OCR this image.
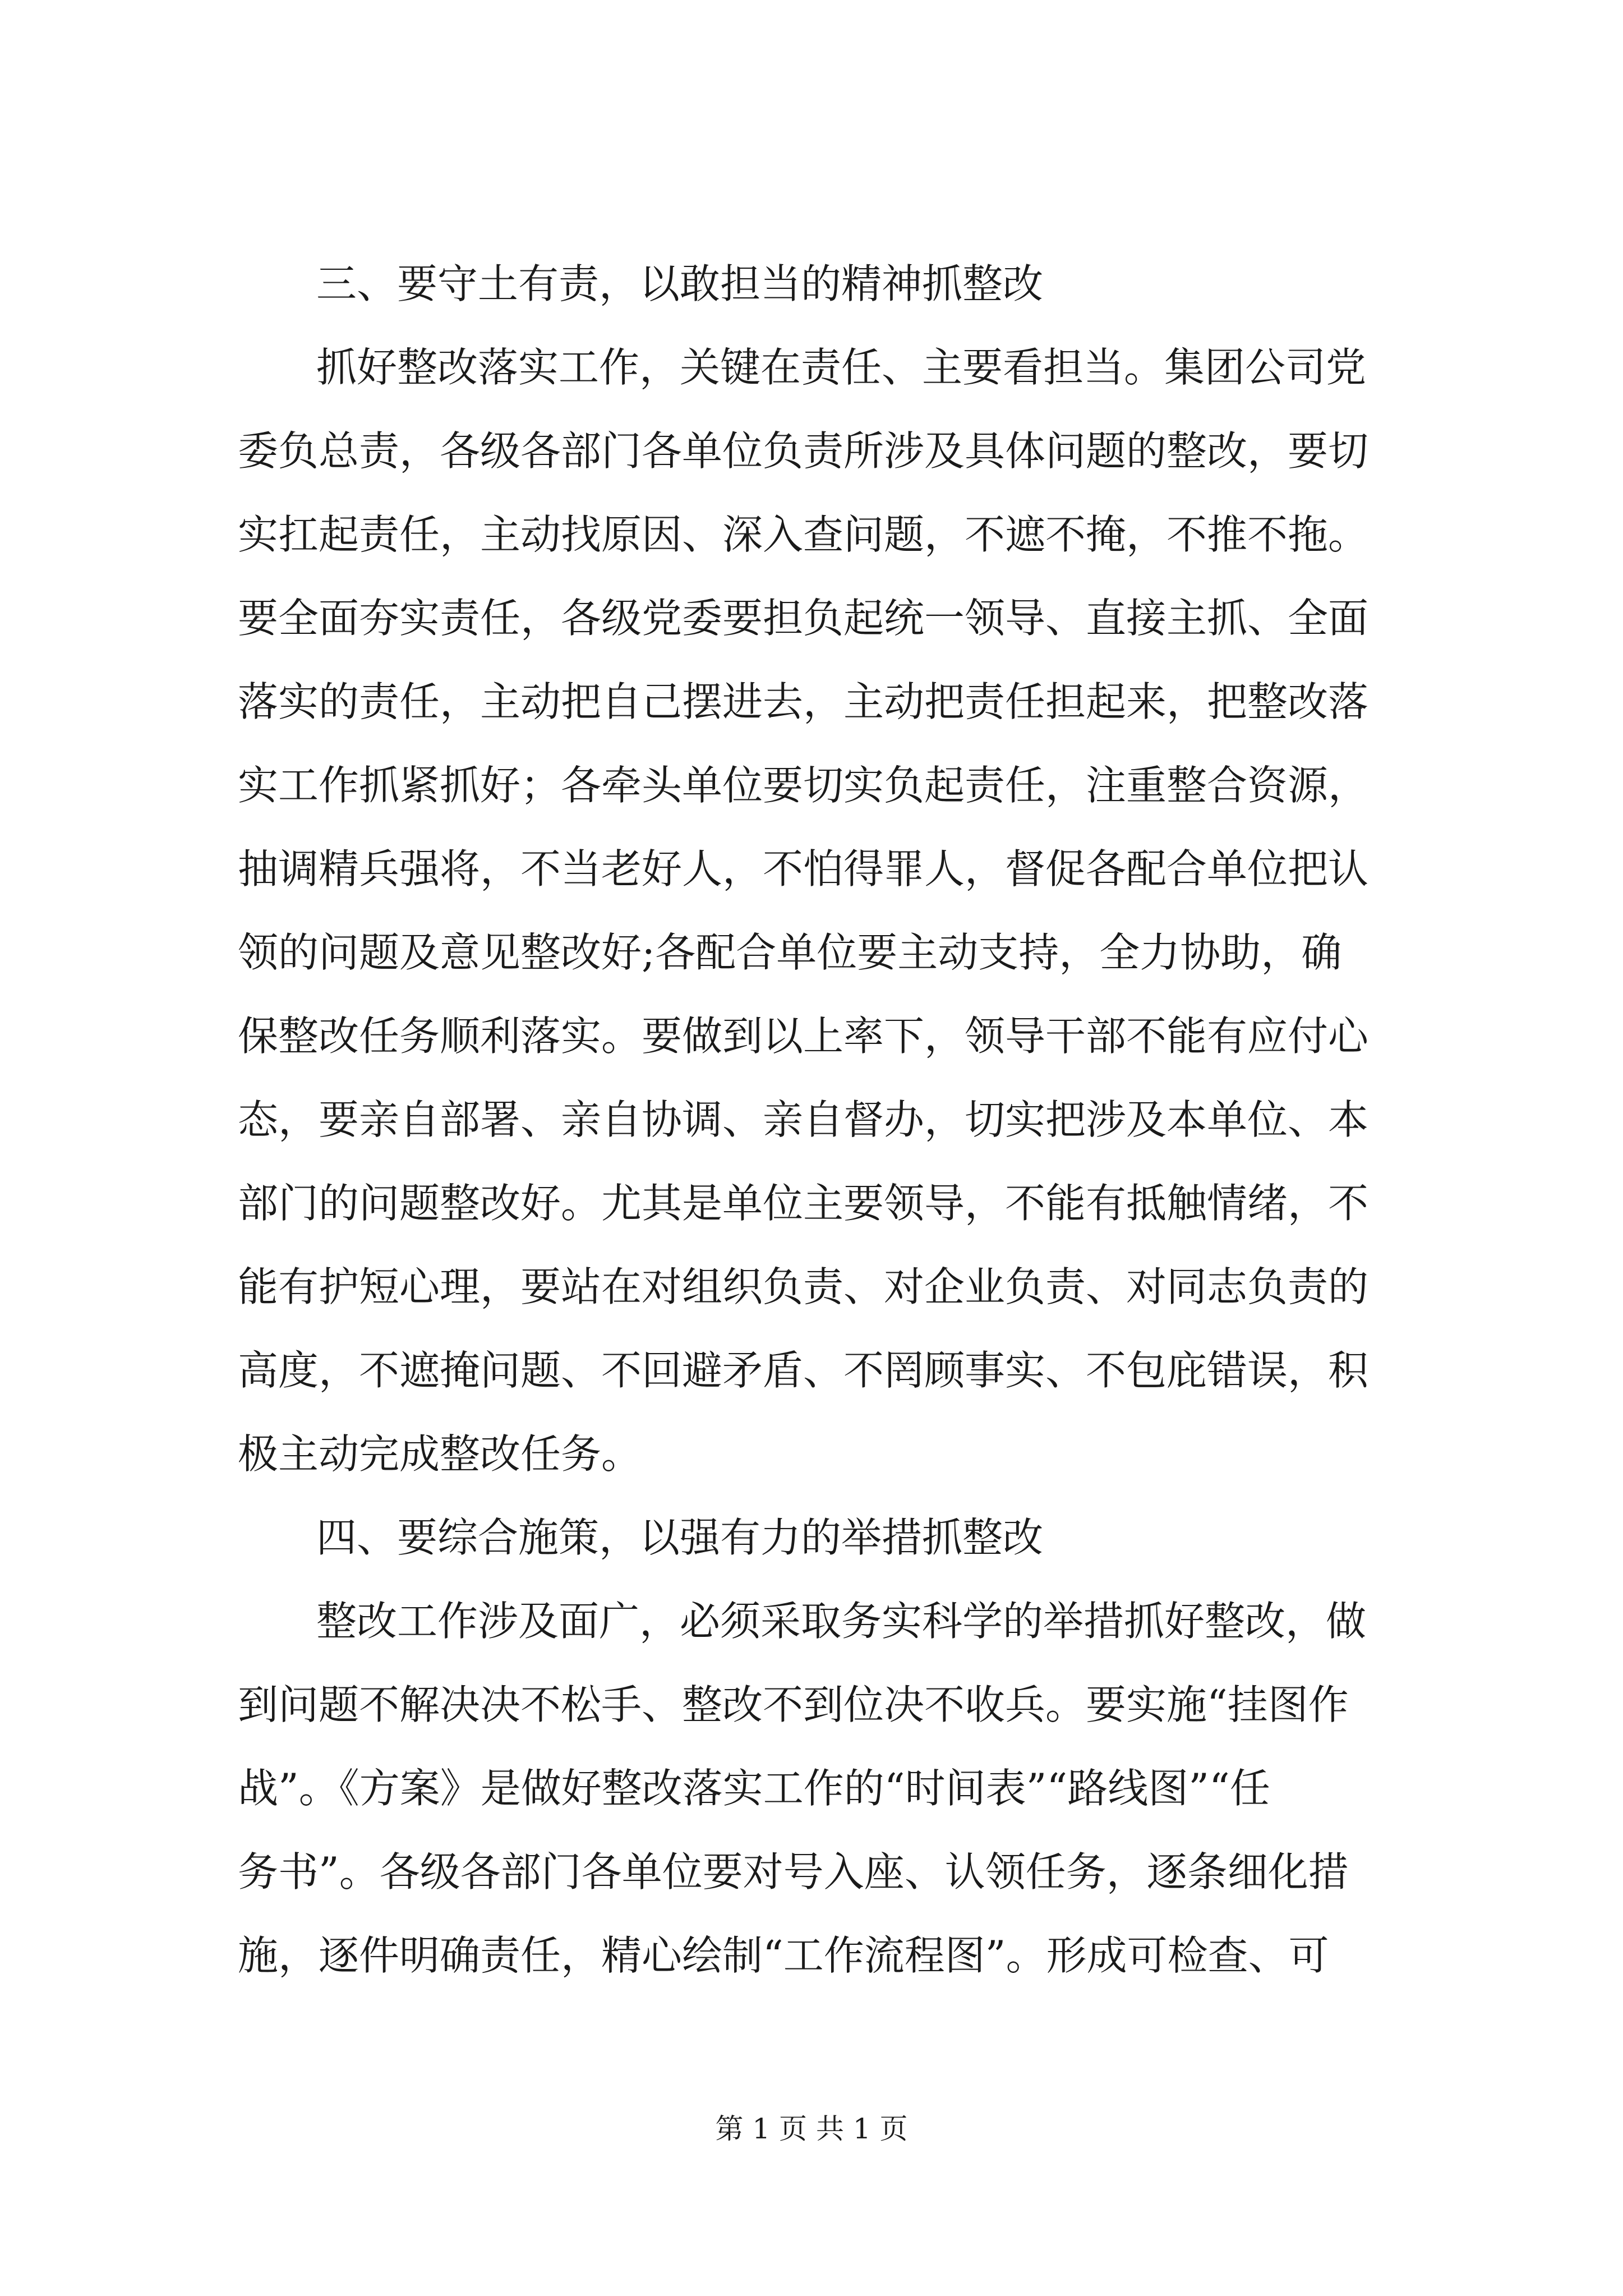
三、要守土有责，以敢担当的精神抓整改
抓好整改落实工作，关键在责任、主要看担当。集团公司党
委负总责，各级各部门各单位负责所涉及具体问题的整改，要切
实扛起责任，主动找原因、深入查问题，不遮不掩，不推不拖。
要全面夯实责任，各级党委要担负起统一领导、直接主抓、全面
落实的责任，主动把自己摆进去，主动把责任担起来，把整改落
实工作抓紧抓好；各牵头单位要切实负起责任，注重整合资源，
抽调精兵强将，不当老好人，不怕得罪人，督促各配合单位把认
领的问题及意见整改好;各配合单位要主动支持，全力协助，确
保整改任务顺利落实。要做到以上率下，领导干部不能有应付心
态，要亲自部署、亲自协调、亲自督办，切实把涉及本单位、本
部门的问题整改好。尤其是单位主要领导，不能有抵触情绪，不
能有护短心理，要站在对组织负责、对企业负责、对同志负责的
高度，不遮掩问题、不回避矛盾、不罔顾事实、不包庇错误，积
极主动完成整改任务。
四、要综合施策，以强有力的举措抓整改
整改工作涉及面广，必须采取务实科学的举措抓好整改，做
到问题不解决决不松手、整改不到位决不收兵。要实施“挂图作
战”。《方案》是做好整改落实工作的“时间表”“路线图”“任
务书”。各级各部门各单位要对号入座、认领任务，逐条细化措
施，逐件明确责任，精心绘制“工作流程图”。形成可检查、可
第 1 页 共 1 页
